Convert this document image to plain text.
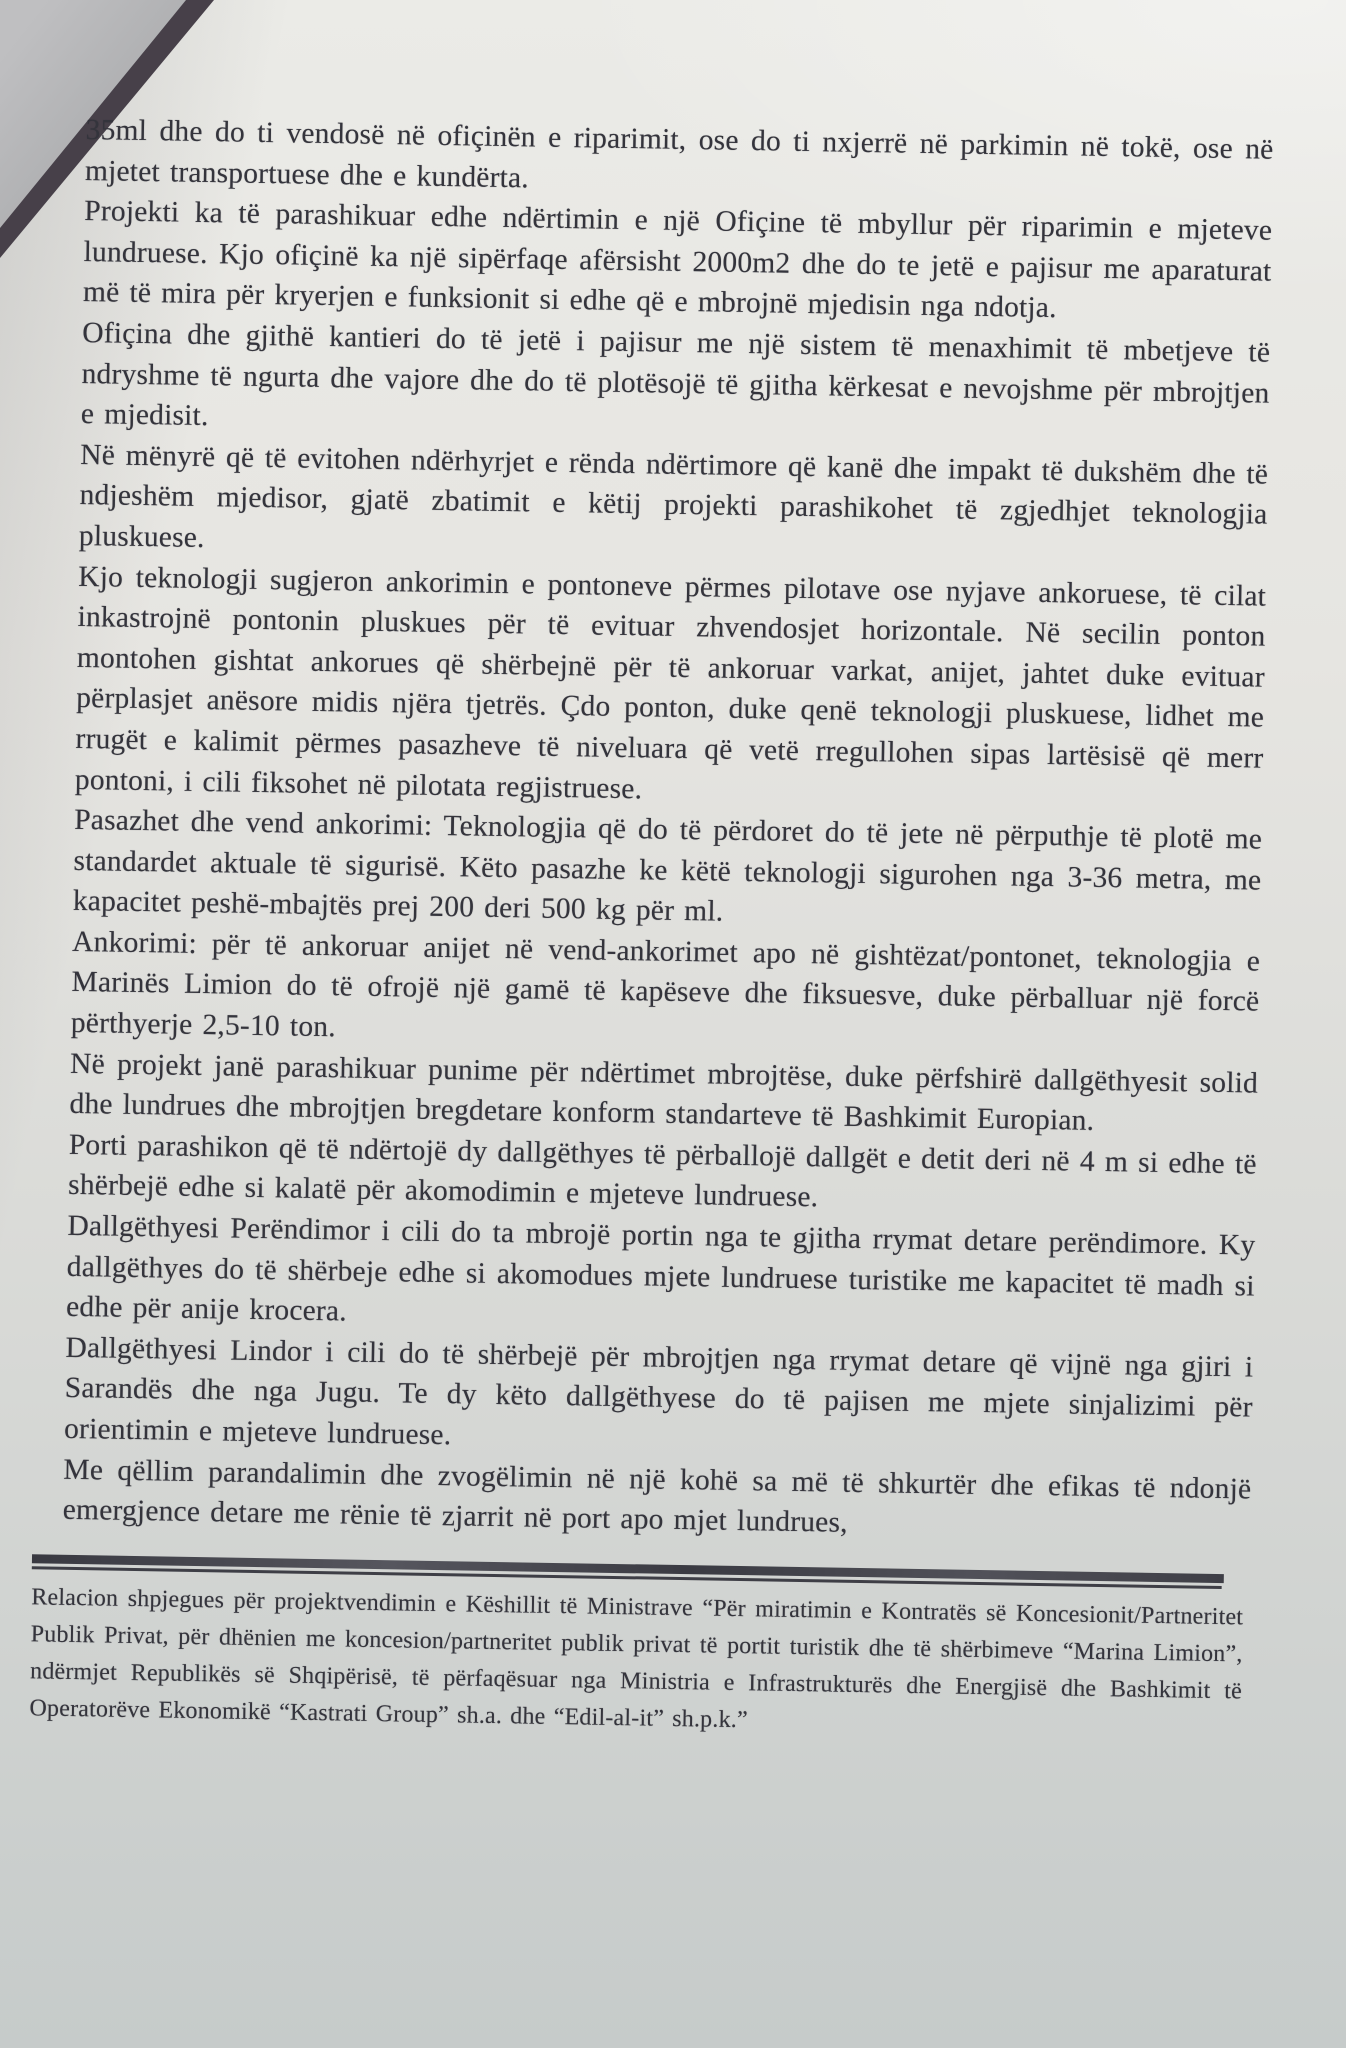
35ml dhe do ti vendosë në ofiçinën e riparimit, ose do ti nxjerrë në parkimin në tokë, ose në mjetet transportuese dhe e kundërta.

Projekti ka të parashikuar edhe ndërtimin e një Ofiçine të mbyllur për riparimin e mjeteve lundruese. Kjo ofiçinë ka një sipërfaqe afërsisht 2000m2 dhe do te jetë e pajisur me aparaturat më të mira për kryerjen e funksionit si edhe që e mbrojnë mjedisin nga ndotja.

Ofiçina dhe gjithë kantieri do të jetë i pajisur me një sistem të menaxhimit të mbetjeve të ndryshme të ngurta dhe vajore dhe do të plotësojë të gjitha kërkesat e nevojshme për mbrojtjen e mjedisit.

Në mënyrë që të evitohen ndërhyrjet e rënda ndërtimore që kanë dhe impakt të dukshëm dhe të ndjeshëm mjedisor, gjatë zbatimit e këtij projekti parashikohet të zgjedhjet teknologjia pluskuese.

Kjo teknologji sugjeron ankorimin e pontoneve përmes pilotave ose nyjave ankoruese, të cilat inkastrojnë pontonin pluskues për të evituar zhvendosjet horizontale. Në secilin ponton montohen gishtat ankorues që shërbejnë për të ankoruar varkat, anijet, jahtet duke evituar përplasjet anësore midis njëra tjetrës. Çdo ponton, duke qenë teknologji pluskuese, lidhet me rrugët e kalimit përmes pasazheve të niveluara që vetë rregullohen sipas lartësisë që merr pontoni, i cili fiksohet në pilotata regjistruese.

Pasazhet dhe vend ankorimi: Teknologjia që do të përdoret do të jete në përputhje të plotë me standardet aktuale të sigurisë. Këto pasazhe ke këtë teknologji sigurohen nga 3-36 metra, me kapacitet peshë-mbajtës prej 200 deri 500 kg për ml.

Ankorimi: për të ankoruar anijet në vend-ankorimet apo në gishtëzat/pontonet, teknologjia e Marinës Limion do të ofrojë një gamë të kapëseve dhe fiksuesve, duke përballuar një forcë përthyerje 2,5-10 ton.

Në projekt janë parashikuar punime për ndërtimet mbrojtëse, duke përfshirë dallgëthyesit solid dhe lundrues dhe mbrojtjen bregdetare konform standarteve të Bashkimit Europian.

Porti parashikon që të ndërtojë dy dallgëthyes të përballojë dallgët e detit deri në 4 m si edhe të shërbejë edhe si kalatë për akomodimin e mjeteve lundruese.

Dallgëthyesi Perëndimor i cili do ta mbrojë portin nga te gjitha rrymat detare perëndimore. Ky dallgëthyes do të shërbeje edhe si akomodues mjete lundruese turistike me kapacitet të madh si edhe për anije krocera.

Dallgëthyesi Lindor i cili do të shërbejë për mbrojtjen nga rrymat detare që vijnë nga gjiri i Sarandës dhe nga Jugu. Te dy këto dallgëthyese do të pajisen me mjete sinjalizimi për orientimin e mjeteve lundruese.

Me qëllim parandalimin dhe zvogëlimin në një kohë sa më të shkurtër dhe efikas të ndonjë emergjence detare me rënie të zjarrit në port apo mjet lundrues,

Relacion shpjegues për projektvendimin e Këshillit të Ministrave “Për miratimin e Kontratës së Koncesionit/Partneritet Publik Privat, për dhënien me koncesion/partneritet publik privat të portit turistik dhe të shërbimeve “Marina Limion”, ndërmjet Republikës së Shqipërisë, të përfaqësuar nga Ministria e Infrastrukturës dhe Energjisë dhe Bashkimit të Operatorëve Ekonomikë “Kastrati Group” sh.a. dhe “Edil-al-it” sh.p.k.”
